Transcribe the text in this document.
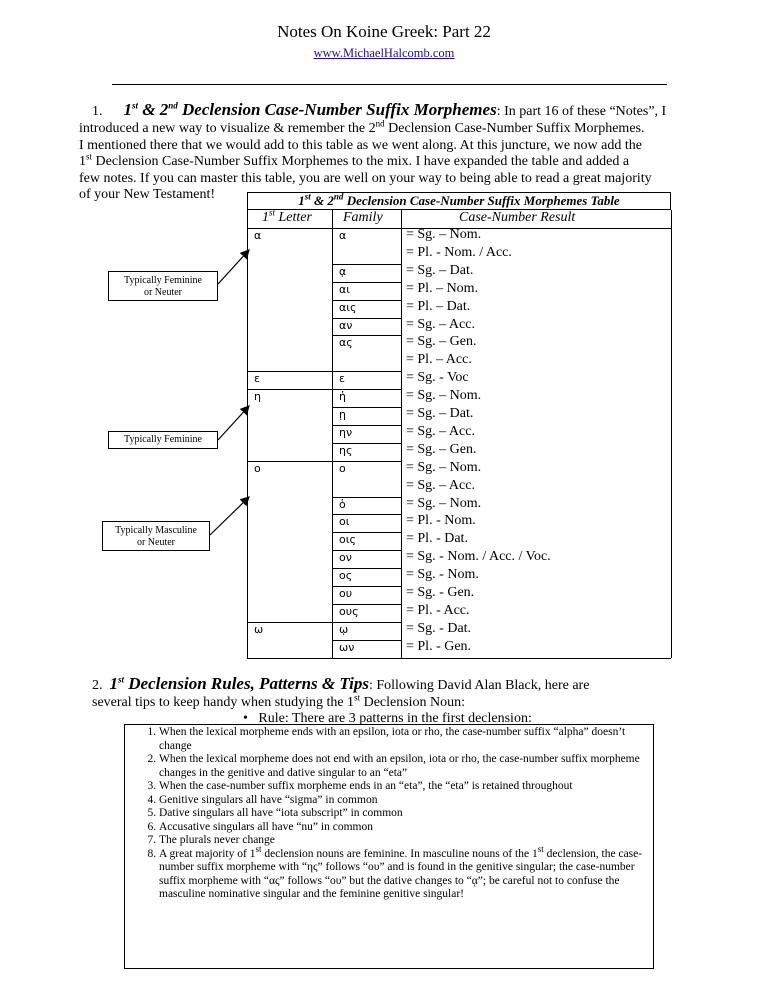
Notes On Koine Greek: Part 22
www.MichaelHalcomb.com
1. 1st & 2nd Declension Case-Number Suffix Morphemes: In part 16 of these “Notes”, I
introduced a new way to visualize & remember the 2nd Declension Case-Number Suffix Morphemes.
I mentioned there that we would add to this table as we went along. At this juncture, we now add the
1st Declension Case-Number Suffix Morphemes to the mix. I have expanded the table and added a
few notes. If you can master this table, you are well on your way to being able to read a great majority
of your New Testament!	1st & 2nd Declension Case-Number Suffix Morphemes Table
1st Letter Family	Case-Number Result
= Sg. – Nom.
= Pl. - Nom. / Acc.
= Sg. – Dat.
= Pl. – Nom.
= Pl. – Dat.
= Sg. – Acc.
= Sg. – Gen.
= Pl. – Acc.
= Sg. - Voc
= Sg. – Nom.
= Sg. – Dat.
= Sg. – Acc.
= Sg. – Gen.
= Sg. – Nom.
= Sg. – Acc.
= Sg. – Nom.
= Pl. - Nom.
= Pl. - Dat.
= Sg. - Nom. / Acc. / Voc.
= Sg. - Nom.
= Sg. - Gen.
= Pl. - Acc.
= Sg. - Dat.
= Pl. - Gen.
α
ᾳ
αι
αις
αν
ας
ε
ἡ
ῃ
ην
ης
ο
ὁ
οι
οις
ον
ος
ου
ους
ῳ
ων
α
ε
η
ο
ω
Typically Feminine
or Neuter
Typically Feminine
Typically Masculine
or Neuter
2. 1st Declension Rules, Patterns & Tips: Following David Alan Black, here are
several tips to keep handy when studying the 1st Declension Noun:
•   Rule: There are 3 patterns in the first declension:
1. When the lexical morpheme ends with an epsilon, iota or rho, the case-number suffix “alpha” doesn’t change
2. When the lexical morpheme does not end with an epsilon, iota or rho, the case-number suffix morpheme changes in the genitive and dative singular to an “eta”
3. When the case-number suffix morpheme ends in an “eta”, the “eta” is retained throughout
4. Genitive singulars all have “sigma” in common
5. Dative singulars all have “iota subscript” in common
6. Accusative singulars all have “nu” in common
7. The plurals never change
8. A great majority of 1st declension nouns are feminine. In masculine nouns of the 1st declension, the case-number suffix morpheme with “ης” follows “ου” and is found in the genitive singular; the case-number suffix morpheme with “ας” follows “ου” but the dative changes to “ᾳ”; be careful not to confuse the masculine nominative singular and the feminine genitive singular!
